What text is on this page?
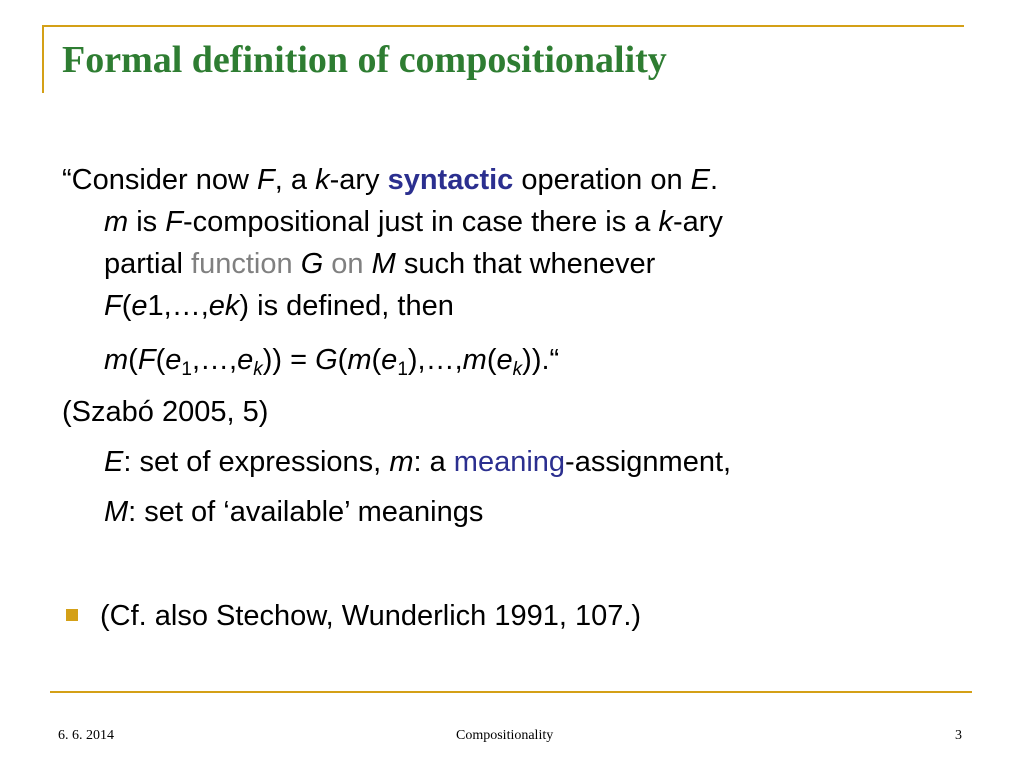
Formal definition of compositionality
“Consider now F, a k-ary syntactic operation on E.
m is F-compositional just in case there is a k-ary
partial function G on M such that whenever
F(e1,…,ek) is defined, then
$m(F(e_1,\dots,e_k))$ = $G(m(e_1),\dots,m(e_k)).“$
(Szabó 2005, 5)
E: set of expressions, m: a meaning-assignment,
M: set of ‘available’ meanings
(Cf. also Stechow, Wunderlich 1991, 107.)
6. 6. 2014	Compositionality	3
